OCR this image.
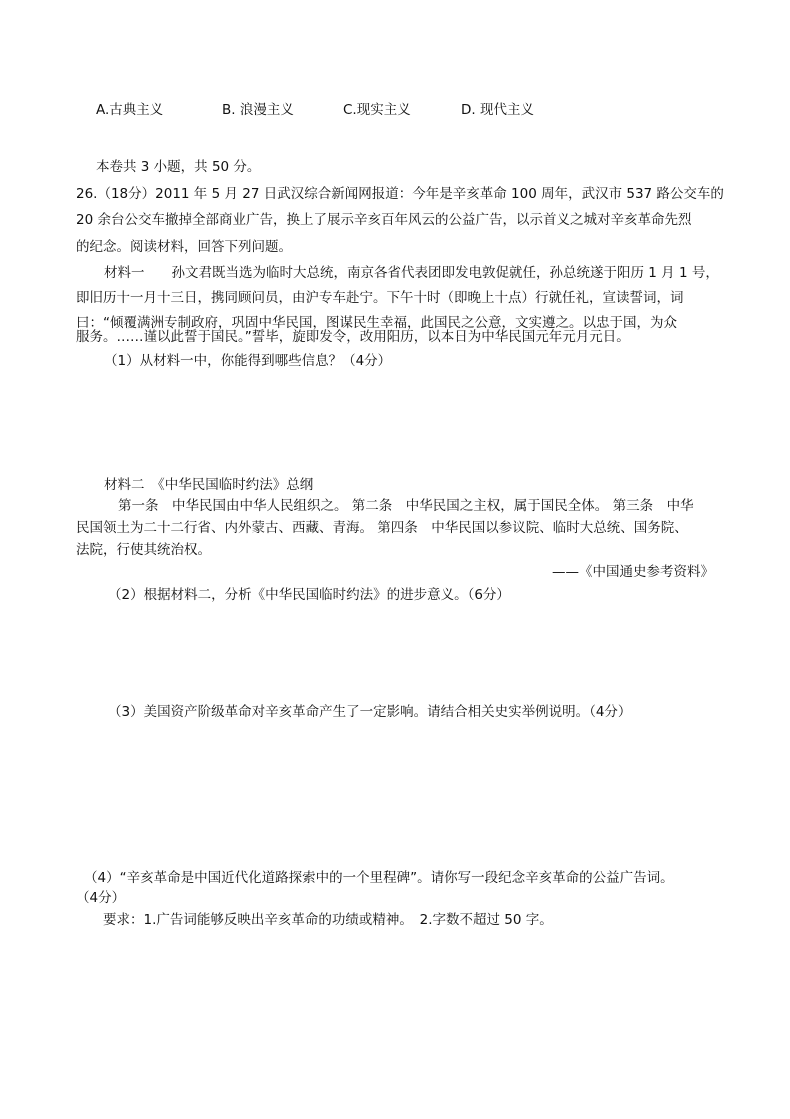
A.古典主义	B. 浪漫主义	C.现实主义	D. 现代主义
本卷共 3 小题，共 50 分。
26.（18分）2011 年 5 月 27 日武汉综合新闻网报道：今年是辛亥革命 100 周年，武汉市 537 路公交车的
20 余台公交车撤掉全部商业广告，换上了展示辛亥百年风云的公益广告，以示首义之城对辛亥革命先烈
的纪念。阅读材料，回答下列问题。
材料一　　孙文君既当选为临时大总统，南京各省代表团即发电敦促就任，孙总统遂于阳历 1 月 1 号，
即旧历十一月十三日，携同顾问员，由沪专车赴宁。下午十时（即晚上十点）行就任礼，宣读誓词，词
曰：“倾覆满洲专制政府，巩固中华民国，图谋民生幸福，此国民之公意，文实遵之。以忠于国，为众
服务。……谨以此誓于国民。”誓毕，旋即发令，改用阳历，以本日为中华民国元年元月元日。
（1）从材料一中，你能得到哪些信息？（4分）
材料二　《中华民国临时约法》总纲
第一条　中华民国由中华人民组织之。 第二条　中华民国之主权，属于国民全体。 第三条　中华
民国领土为二十二行省、内外蒙古、西藏、青海。 第四条　中华民国以参议院、临时大总统、国务院、
法院，行使其统治权。
——《中国通史参考资料》
（2）根据材料二，分析《中华民国临时约法》的进步意义。（6分）
（3）美国资产阶级革命对辛亥革命产生了一定影响。请结合相关史实举例说明。（4分）
（4）“辛亥革命是中国近代化道路探索中的一个里程碑”。请你写一段纪念辛亥革命的公益广告词。
（4分）
要求：1.广告词能够反映出辛亥革命的功绩或精神。　2.字数不超过 50 字。
